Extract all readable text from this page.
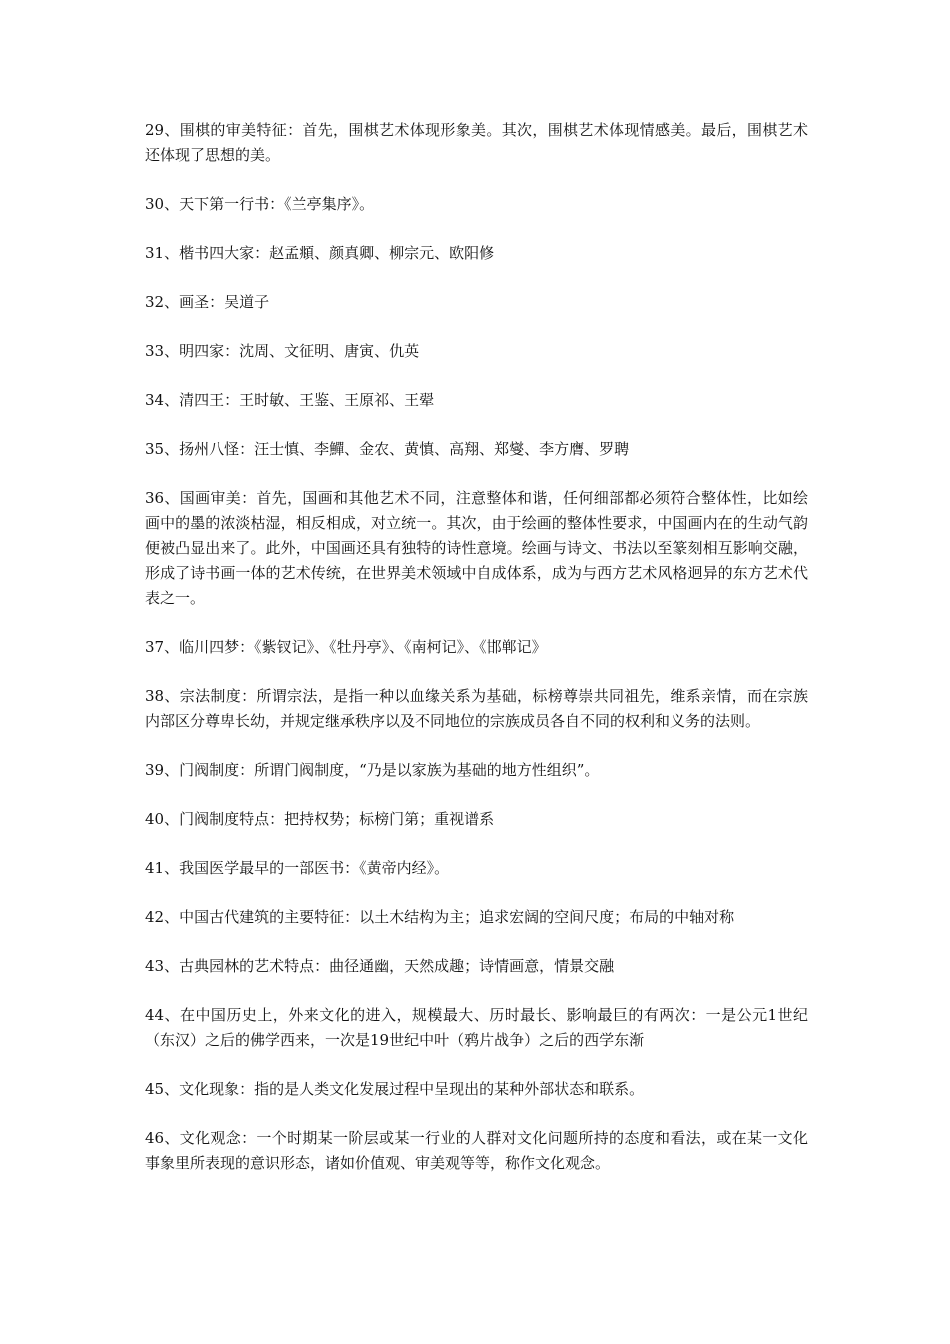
29、围棋的审美特征：首先，围棋艺术体现形象美。其次，围棋艺术体现情感美。最后，围棋艺术还体现了思想的美。

30、天下第一行书：《兰亭集序》。

31、楷书四大家：赵孟頫、颜真卿、柳宗元、欧阳修

32、画圣：吴道子

33、明四家：沈周、文征明、唐寅、仇英

34、清四王：王时敏、王鉴、王原祁、王翚

35、扬州八怪：汪士慎、李鱓、金农、黄慎、高翔、郑燮、李方膺、罗聘

36、国画审美：首先，国画和其他艺术不同，注意整体和谐，任何细部都必须符合整体性，比如绘画中的墨的浓淡枯湿，相反相成，对立统一。其次，由于绘画的整体性要求，中国画内在的生动气韵便被凸显出来了。此外，中国画还具有独特的诗性意境。绘画与诗文、书法以至篆刻相互影响交融，形成了诗书画一体的艺术传统，在世界美术领域中自成体系，成为与西方艺术风格迥异的东方艺术代表之一。

37、临川四梦：《紫钗记》、《牡丹亭》、《南柯记》、《邯郸记》

38、宗法制度：所谓宗法，是指一种以血缘关系为基础，标榜尊崇共同祖先，维系亲情，而在宗族内部区分尊卑长幼，并规定继承秩序以及不同地位的宗族成员各自不同的权利和义务的法则。

39、门阀制度：所谓门阀制度，“乃是以家族为基础的地方性组织”。

40、门阀制度特点：把持权势；标榜门第；重视谱系

41、我国医学最早的一部医书：《黄帝内经》。

42、中国古代建筑的主要特征：以土木结构为主；追求宏阔的空间尺度；布局的中轴对称

43、古典园林的艺术特点：曲径通幽，天然成趣；诗情画意，情景交融

44、在中国历史上，外来文化的进入，规模最大、历时最长、影响最巨的有两次：一是公元1世纪（东汉）之后的佛学西来，一次是19世纪中叶（鸦片战争）之后的西学东渐

45、文化现象：指的是人类文化发展过程中呈现出的某种外部状态和联系。

46、文化观念：一个时期某一阶层或某一行业的人群对文化问题所持的态度和看法，或在某一文化事象里所表现的意识形态，诸如价值观、审美观等等，称作文化观念。
